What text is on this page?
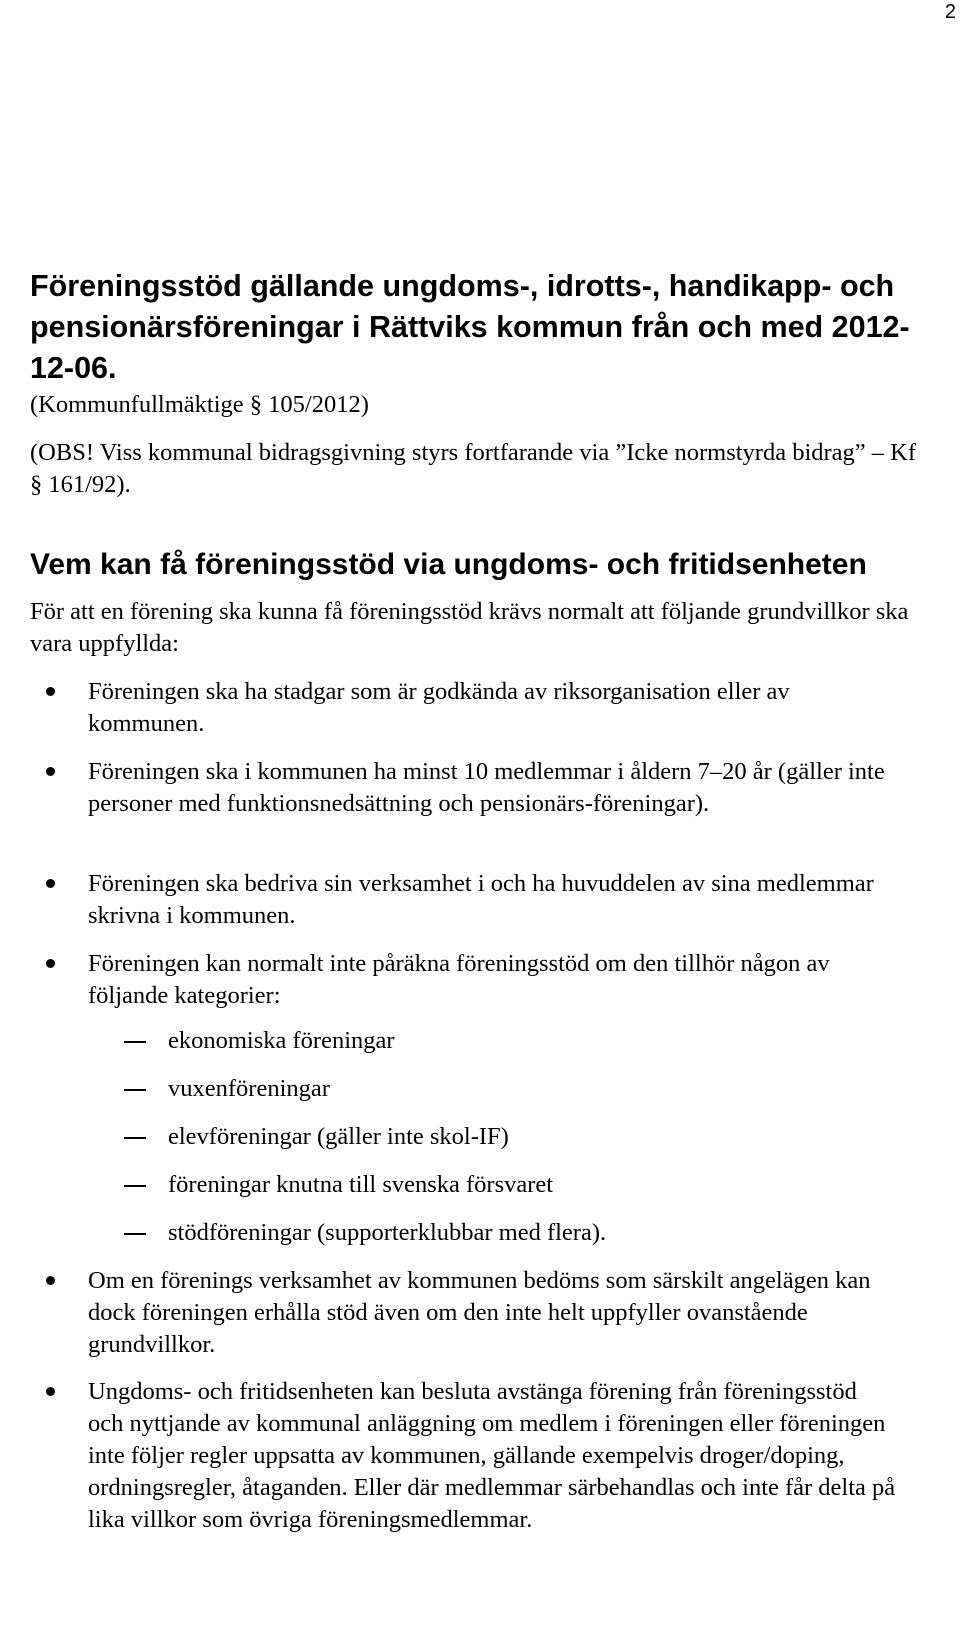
2
Föreningsstöd gällande ungdoms-, idrotts-, handikapp- och pensionärsföreningar i Rättviks kommun från och med 2012-12-06.

(Kommunfullmäktige § 105/2012)

(OBS! Viss kommunal bidragsgivning styrs fortfarande via ”Icke normstyrda bidrag” – Kf § 161/92).

Vem kan få föreningsstöd via ungdoms- och fritidsenheten

För att en förening ska kunna få föreningsstöd krävs normalt att följande grundvillkor ska vara uppfyllda:

Föreningen ska ha stadgar som är godkända av riksorganisation eller av kommunen.
Föreningen ska i kommunen ha minst 10 medlemmar i åldern 7–20 år (gäller inte personer med funktionsnedsättning och pensionärs-föreningar).
Föreningen ska bedriva sin verksamhet i och ha huvuddelen av sina medlemmar skrivna i kommunen.
Föreningen kan normalt inte påräkna föreningsstöd om den tillhör någon av följande kategorier:
ekonomiska föreningar
vuxenföreningar
elevföreningar (gäller inte skol-IF)
föreningar knutna till svenska försvaret
stödföreningar (supporterklubbar med flera).
Om en förenings verksamhet av kommunen bedöms som särskilt angelägen kan dock föreningen erhålla stöd även om den inte helt uppfyller ovanstående grundvillkor.
Ungdoms- och fritidsenheten kan besluta avstänga förening från föreningsstöd och nyttjande av kommunal anläggning om medlem i föreningen eller föreningen inte följer regler uppsatta av kommunen, gällande exempelvis droger/doping, ordningsregler, åtaganden. Eller där medlemmar särbehandlas och inte får delta på lika villkor som övriga föreningsmedlemmar.
